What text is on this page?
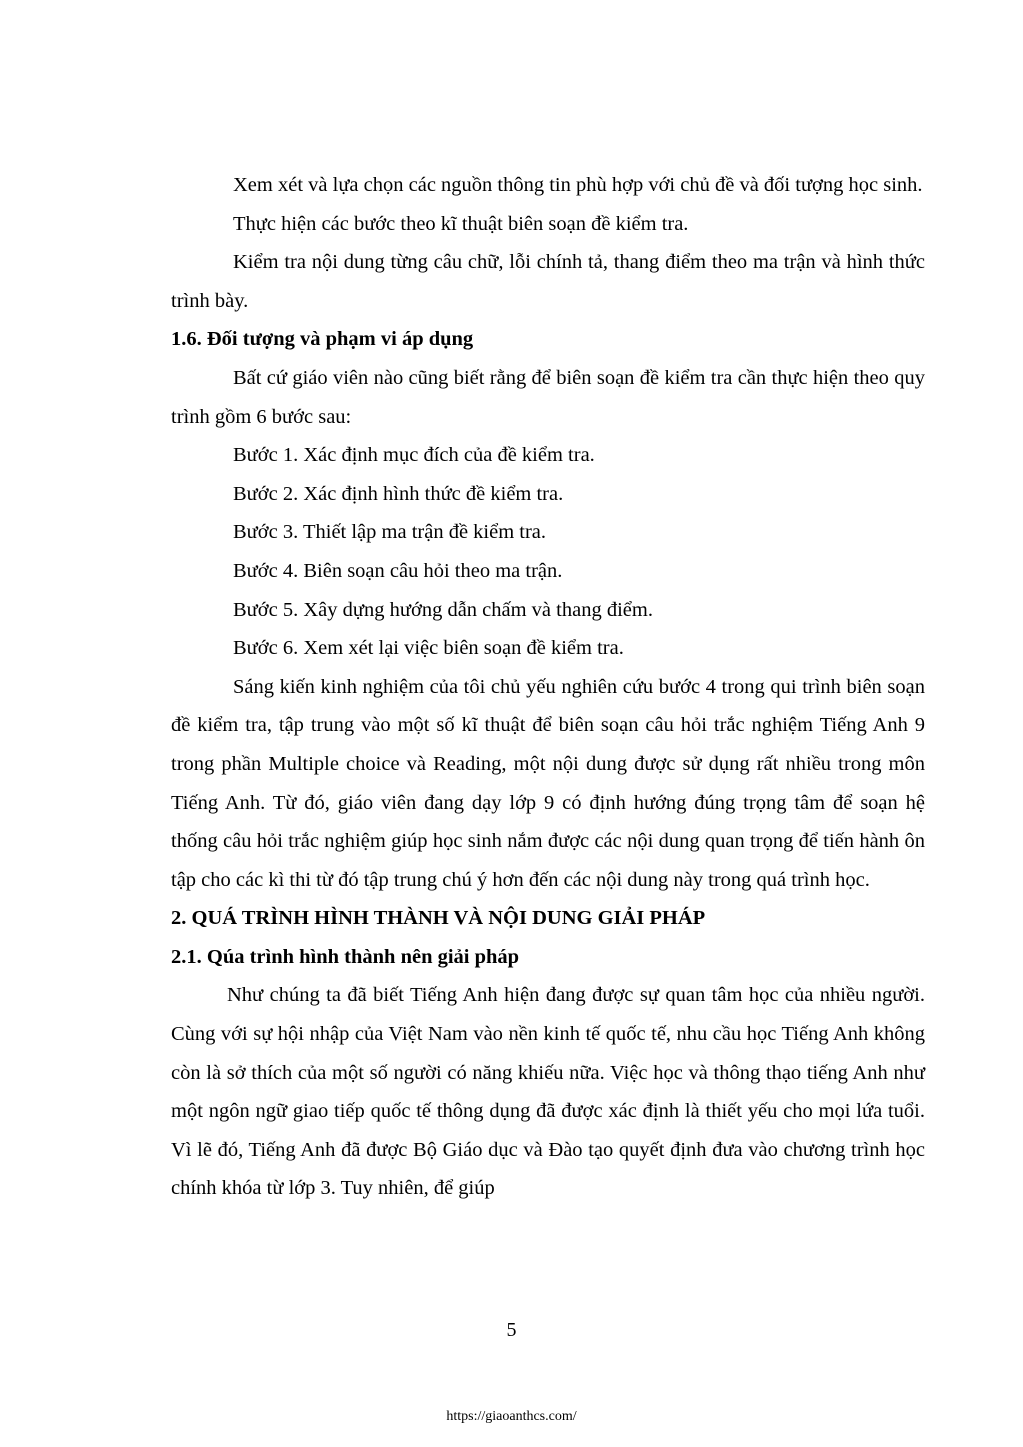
Xem xét và lựa chọn các nguồn thông tin phù hợp với chủ đề và đối tượng học sinh.

Thực hiện các bước theo kĩ thuật biên soạn đề kiểm tra.

Kiểm tra nội dung từng câu chữ, lỗi chính tả, thang điểm theo ma trận và hình thức trình bày.

1.6. Đối tượng và phạm vi áp dụng

Bất cứ giáo viên nào cũng biết rằng để biên soạn đề kiểm tra cần thực hiện theo quy trình gồm 6 bước sau:

Bước 1. Xác định mục đích của đề kiểm tra.

Bước 2. Xác định hình thức đề kiểm tra.

Bước 3. Thiết lập ma trận đề kiểm tra.

Bước 4. Biên soạn câu hỏi theo ma trận.

Bước 5. Xây dựng hướng dẫn chấm và thang điểm.

Bước 6. Xem xét lại việc biên soạn đề kiểm tra.

Sáng kiến kinh nghiệm của tôi chủ yếu nghiên cứu bước 4 trong qui trình biên soạn đề kiểm tra, tập trung vào một số kĩ thuật để biên soạn câu hỏi trắc nghiệm Tiếng Anh 9 trong phần Multiple choice và Reading, một nội dung được sử dụng rất nhiều trong môn Tiếng Anh. Từ đó, giáo viên đang dạy lớp 9 có định hướng đúng trọng tâm để soạn hệ thống câu hỏi trắc nghiệm giúp học sinh nắm được các nội dung quan trọng để tiến hành ôn tập cho các kì thi từ đó tập trung chú ý hơn đến các nội dung này trong quá trình học.

2. QUÁ TRÌNH HÌNH THÀNH VÀ NỘI DUNG GIẢI PHÁP

2.1. Qúa trình hình thành nên giải pháp

Như chúng ta đã biết Tiếng Anh hiện đang được sự quan tâm học của nhiều người. Cùng với sự hội nhập của Việt Nam vào nền kinh tế quốc tế, nhu cầu học Tiếng Anh không còn là sở thích của một số người có năng khiếu nữa. Việc học và thông thạo tiếng Anh như một ngôn ngữ giao tiếp quốc tế thông dụng đã được xác định là thiết yếu cho mọi lứa tuổi. Vì lẽ đó, Tiếng Anh đã được Bộ Giáo dục và Đào tạo quyết định đưa vào chương trình học chính khóa từ lớp 3. Tuy nhiên, để giúp

5
https://giaoanthcs.com/
